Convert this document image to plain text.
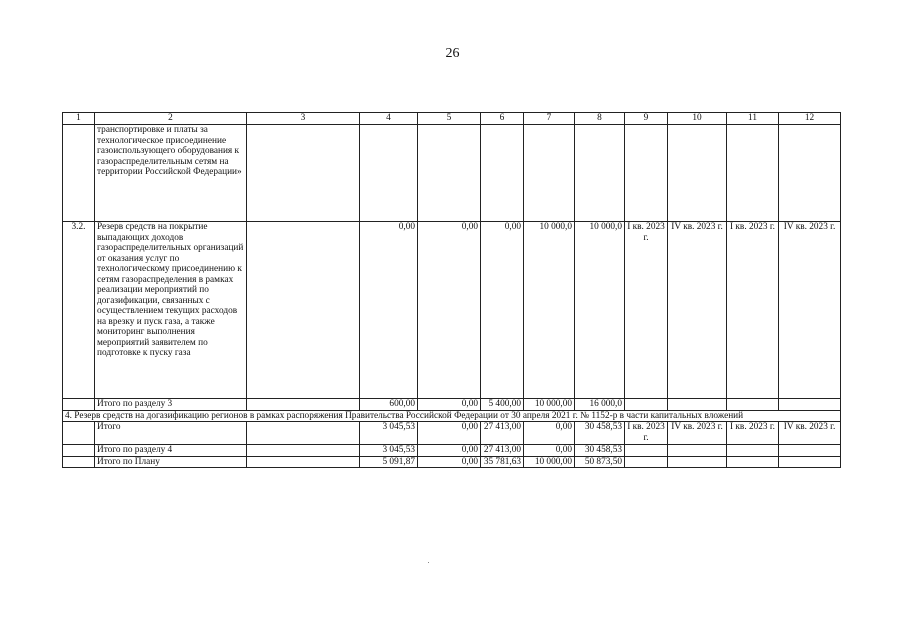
26
1	2	3	4	5	6	7	8	9	10	11	12
	транспортировке и платы за технологическое присоединение газоиспользующего оборудования к газораспределительным сетям на территории Российской Федерации»										
3.2.	Резерв средств на покрытие выпадающих доходов газораспределительных организаций от оказания услуг по технологическому присоединению к сетям газораспределения в рамках реализации мероприятий по догазификации, связанных с осуществлением текущих расходов на врезку и пуск газа, а также мониторинг выполнения мероприятий заявителем по подготовке к пуску газа		0,00	0,00	0,00	10 000,0	10 000,0	I кв. 2023 г.	IV кв. 2023 г.	I кв. 2023 г.	IV кв. 2023 г.
	Итого по разделу 3		600,00	0,00	5 400,00	10 000,00	16 000,0				
4. Резерв средств на догазификацию регионов в рамках распоряжения Правительства Российской Федерации от 30 апреля 2021 г. № 1152-р в части капитальных вложений											
	Итого		3 045,53	0,00	27 413,00	0,00	30 458,53	I кв. 2023 г.	IV кв. 2023 г.	I кв. 2023 г.	IV кв. 2023 г.
	Итого по разделу 4		3 045,53	0,00	27 413,00	0,00	30 458,53				
	Итого по Плану		5 091,87	0,00	35 781,63	10 000,00	50 873,50				
